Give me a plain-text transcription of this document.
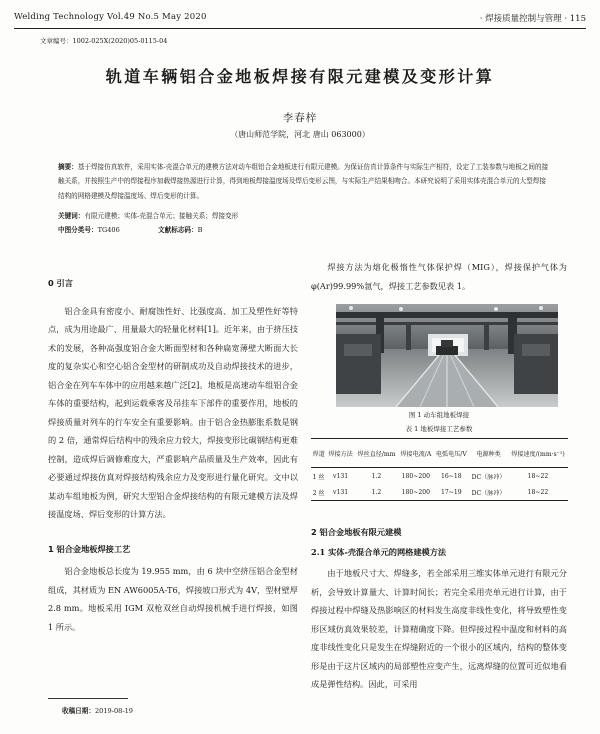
Welding Technology Vol.49 No.5 May 2020	· 焊接质量控制与管理 · 115
文章编号：1002-025X(2020)05-0115-04
轨道车辆铝合金地板焊接有限元建模及变形计算
李春梓
（唐山师范学院，河北 唐山 063000）
摘要：基于焊接仿真软件，采用实体-壳混合单元的建模方法对动车组铝合金地板进行有限元建模。为保证仿真计算条件与实际生产相符，设定了工装参数与地板之间的接触关系，并按照生产中的焊接程序加载焊接热源进行计算，得到地板焊接温度场及焊后变形云图，与实际生产结果相吻合。本研究说明了采用实体壳混合单元的大型焊接结构的网格建模及焊接温度场、焊后变形的计算。
关键词：有限元建模；实体-壳混合单元；接触关系；焊接变形
中图分类号：TG406	文献标志码：B
0 引言

铝合金具有密度小、耐腐蚀性好、比强度高、加工及塑性好等特点，成为用途最广、用量最大的轻量化材料[1]。近年来，由于挤压技术的发展，各种高强度铝合金大断面型材和各种扁宽薄壁大断面大长度的复杂实心和空心铝合金型材的研制成功及自动焊接技术的进步，铝合金在列车车体中的应用越来越广泛[2]。地板是高速动车组铝合金车体的重要结构，起到运载乘客及吊挂车下部件的重要作用，地板的焊接质量对列车的行车安全有重要影响。由于铝合金热膨胀系数是钢的 2 倍，通常焊后结构中的残余应力较大，焊接变形比碳钢结构更难控制，造成焊后调修难度大，严重影响产品质量及生产效率，因此有必要通过焊接仿真对焊接结构残余应力及变形进行量化研究。文中以某动车组地板为例，研究大型铝合金焊接结构的有限元建模方法及焊接温度场、焊后变形的计算方法。

1 铝合金地板焊接工艺

铝合金地板总长度为 19.955 mm，由 6 块中空挤压铝合金型材组成，其材质为 EN AW6005A-T6，焊接坡口形式为 4V，型材壁厚 2.8 mm。地板采用 IGM 双枪双丝自动焊接机械手进行焊接，如图 1 所示。

焊接方法为熔化极惰性气体保护焊（MIG），焊接保护气体为 φ(Ar)99.99%氩气，焊接工艺参数见表 1。

图 1 动车组地板焊接
表 1 地板焊接工艺参数
焊道	焊接方法	焊丝直径/mm	焊接电流/A	电弧电压/V	电源种类	焊接速度/(mm·s⁻¹)
1 丝	v131	1.2	180~200	16~18	DC（脉冲）	18~22
2 丝	v131	1.2	180~200	17~19	DC（脉冲）	18~22
2 铝合金地板有限元建模
2.1 实体-壳混合单元的网格建模方法

由于地板尺寸大、焊缝多，若全部采用三维实体单元进行有限元分析，会导致计算量大、计算时间长；若完全采用壳单元进行计算，由于焊接过程中焊缝及热影响区的材料发生高度非线性变化，将导致塑性变形区域仿真效果较差，计算精确度下降。但焊接过程中温度和材料的高度非线性变化只是发生在焊缝附近的一个很小的区域内，结构的整体变形是由于这片区域内的局部塑性应变产生，远离焊缝的位置可近似地看成是弹性结构。因此，可采用

收稿日期：2019-08-19
